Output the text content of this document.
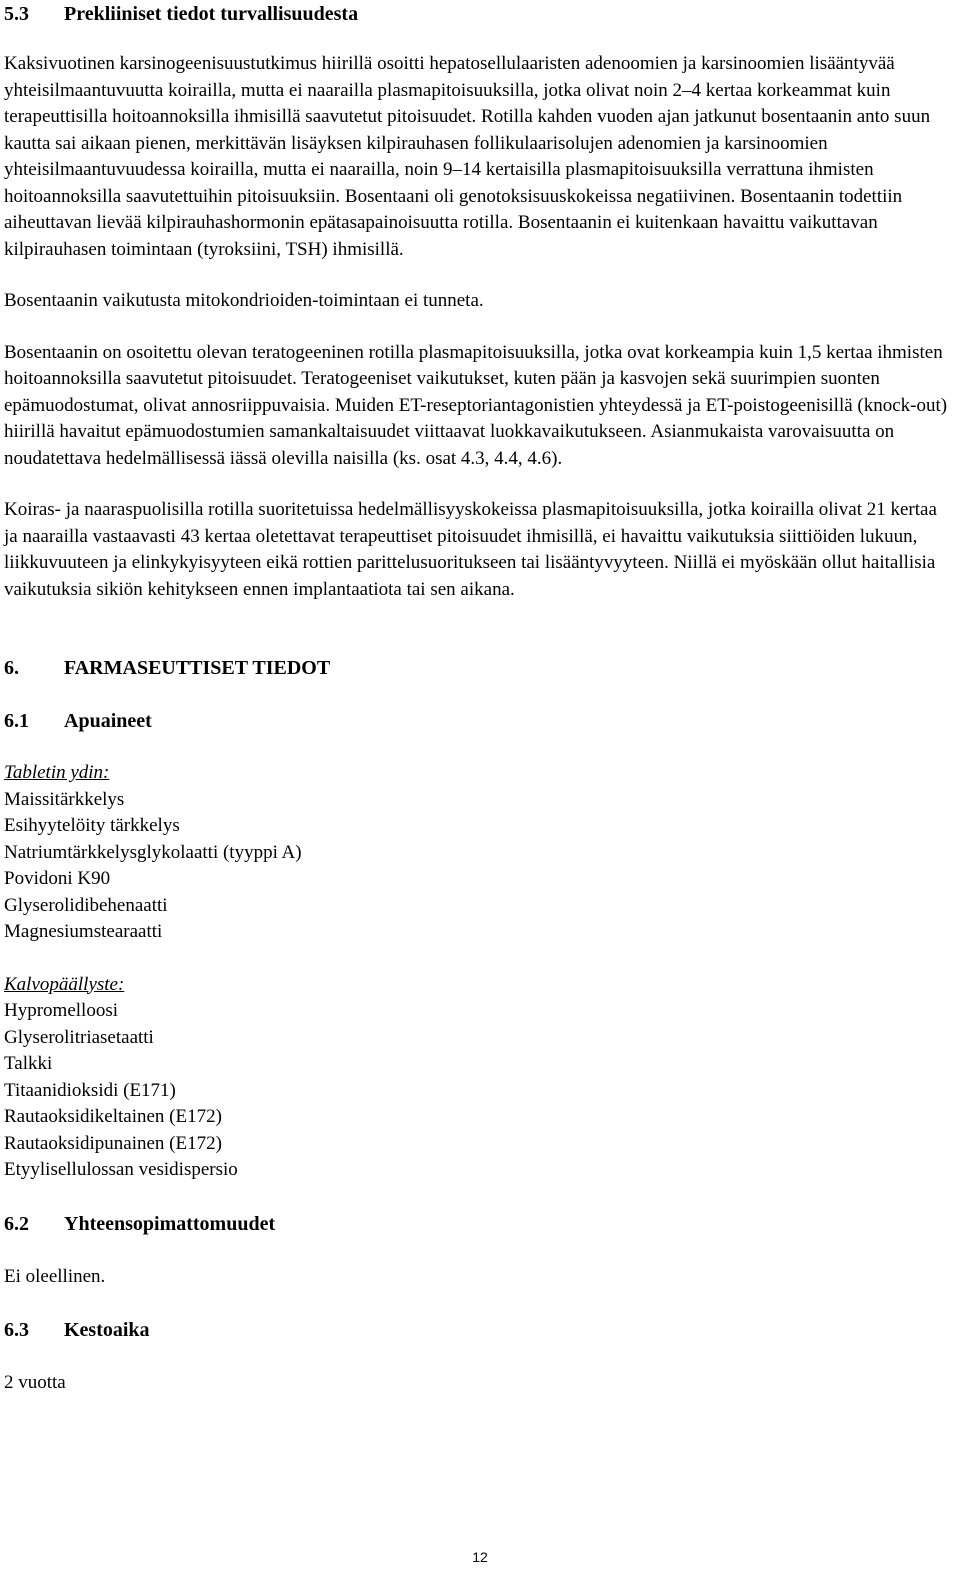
5.3 Prekliiniset tiedot turvallisuudesta

Kaksivuotinen karsinogeenisuustutkimus hiirillä osoitti hepatosellulaaristen adenoomien ja karsinoomien lisääntyvää yhteisilmaantuvuutta koirailla, mutta ei naarailla plasmapitoisuuksilla, jotka olivat noin 2–4 kertaa korkeammat kuin terapeuttisilla hoitoannoksilla ihmisillä saavutetut pitoisuudet. Rotilla kahden vuoden ajan jatkunut bosentaanin anto suun kautta sai aikaan pienen, merkittävän lisäyksen kilpirauhasen follikulaarisolujen adenomien ja karsinoomien yhteisilmaantuvuudessa koirailla, mutta ei naarailla, noin 9–14 kertaisilla plasmapitoisuuksilla verrattuna ihmisten hoitoannoksilla saavutettuihin pitoisuuksiin. Bosentaani oli genotoksisuuskokeissa negatiivinen. Bosentaanin todettiin aiheuttavan lievää kilpirauhashormonin epätasapainoisuutta rotilla. Bosentaanin ei kuitenkaan havaittu vaikuttavan kilpirauhasen toimintaan (tyroksiini, TSH) ihmisillä.

Bosentaanin vaikutusta mitokondrioiden-toimintaan ei tunneta.

Bosentaanin on osoitettu olevan teratogeeninen rotilla plasmapitoisuuksilla, jotka ovat korkeampia kuin 1,5 kertaa ihmisten hoitoannoksilla saavutetut pitoisuudet. Teratogeeniset vaikutukset, kuten pään ja kasvojen sekä suurimpien suonten epämuodostumat, olivat annosriippuvaisia. Muiden ET-reseptoriantagonistien yhteydessä ja ET-poistogeenisillä (knock-out) hiirillä havaitut epämuodostumien samankaltaisuudet viittaavat luokkavaikutukseen. Asianmukaista varovaisuutta on noudatettava hedelmällisessä iässä olevilla naisilla (ks. osat 4.3, 4.4, 4.6).

Koiras- ja naaraspuolisilla rotilla suoritetuissa hedelmällisyyskokeissa plasmapitoisuuksilla, jotka koirailla olivat 21 kertaa ja naarailla vastaavasti 43 kertaa oletettavat terapeuttiset pitoisuudet ihmisillä, ei havaittu vaikutuksia siittiöiden lukuun, liikkuvuuteen ja elinkykyisyyteen eikä rottien parittelusuoritukseen tai lisääntyvyyteen. Niillä ei myöskään ollut haitallisia vaikutuksia sikiön kehitykseen ennen implantaatiota tai sen aikana.

6. FARMASEUTTISET TIEDOT
6.1 Apuaineet
Tabletin ydin:
Maissitärkkelys
Esihyytelöity tärkkelys
Natriumtärkkelysglykolaatti (tyyppi A)
Povidoni K90
Glyserolidibehenaatti
Magnesiumstearaatti
Kalvopäällyste:
Hypromelloosi
Glyserolitriasetaatti
Talkki
Titaanidioksidi (E171)
Rautaoksidikeltainen (E172)
Rautaoksidipunainen (E172)
Etyylisellulossan vesidispersio
6.2 Yhteensopimattomuudet

Ei oleellinen.

6.3 Kestoaika

2 vuotta

12
